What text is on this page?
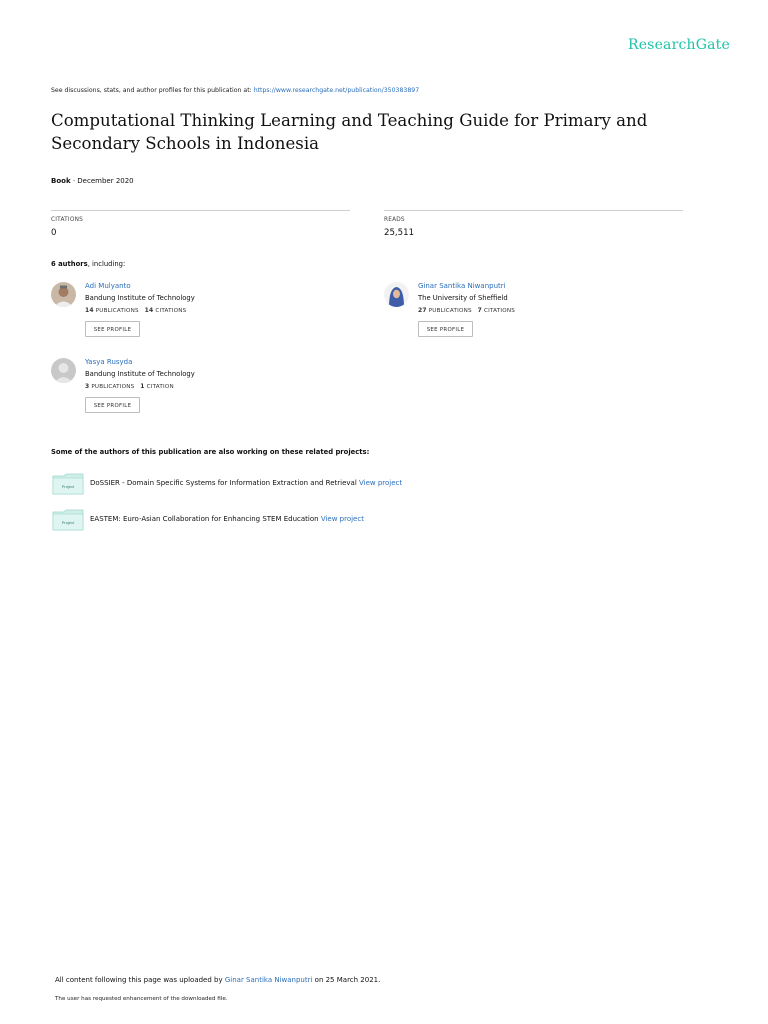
ResearchGate
See discussions, stats, and author profiles for this publication at: https://www.researchgate.net/publication/350383897
Computational Thinking Learning and Teaching Guide for Primary and Secondary Schools in Indonesia
Book · December 2020
CITATIONS
0
READS
25,511
6 authors, including:
Adi Mulyanto
Bandung Institute of Technology
14 PUBLICATIONS 14 CITATIONS
SEE PROFILE
Ginar Santika Niwanputri
The University of Sheffield
27 PUBLICATIONS 7 CITATIONS
SEE PROFILE
Yasya Rusyda
Bandung Institute of Technology
3 PUBLICATIONS 1 CITATION
SEE PROFILE
Some of the authors of this publication are also working on these related projects:
Project DoSSIER - Domain Specific Systems for Information Extraction and Retrieval View project
Project EASTEM: Euro-Asian Collaboration for Enhancing STEM Education View project
All content following this page was uploaded by Ginar Santika Niwanputri on 25 March 2021.
The user has requested enhancement of the downloaded file.
